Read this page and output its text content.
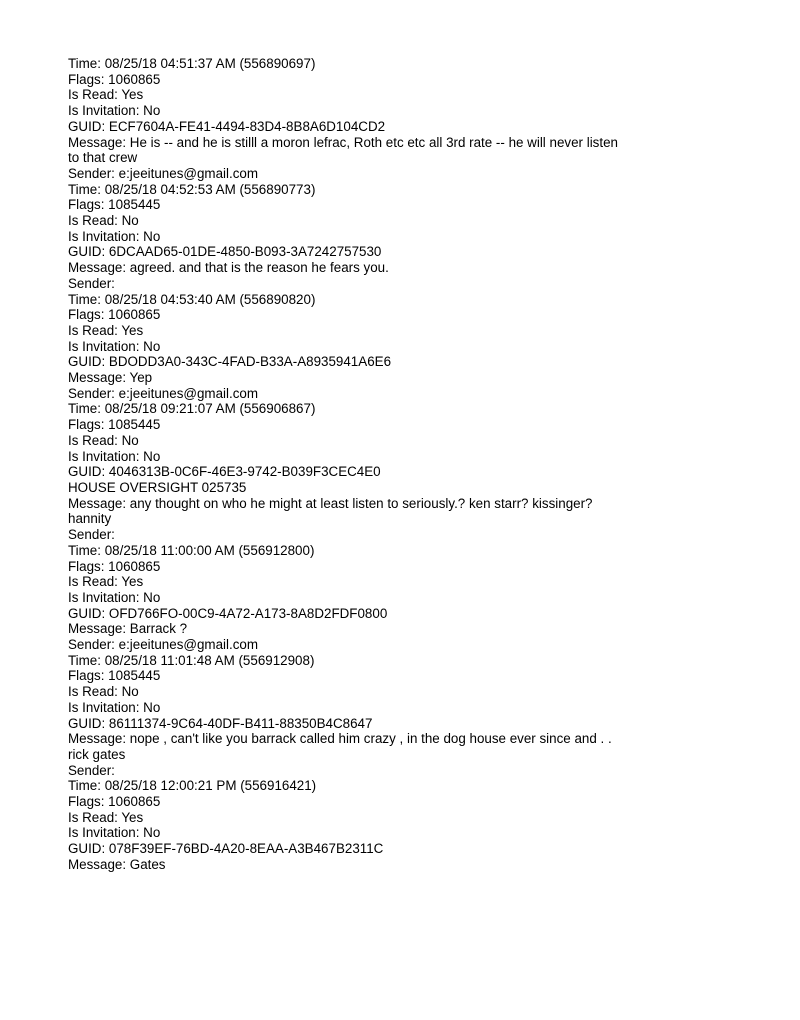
Time: 08/25/18 04:51:37 AM (556890697)

Flags: 1060865

Is Read: Yes

Is Invitation: No

GUID: ECF7604A-FE41-4494-83D4-8B8A6D104CD2

Message: He is -- and he is stilll a moron lefrac, Roth etc etc all 3rd rate -- he will never listen to that crew

Sender: e:jeeitunes@gmail.com

Time: 08/25/18 04:52:53 AM (556890773)

Flags: 1085445

Is Read: No

Is Invitation: No

GUID: 6DCAAD65-01DE-4850-B093-3A7242757530

Message: agreed. and that is the reason he fears you.

Sender:

Time: 08/25/18 04:53:40 AM (556890820)

Flags: 1060865

Is Read: Yes

Is Invitation: No

GUID: BDODD3A0-343C-4FAD-B33A-A8935941A6E6

Message: Yep

Sender: e:jeeitunes@gmail.com

Time: 08/25/18 09:21:07 AM (556906867)

Flags: 1085445

Is Read: No

Is Invitation: No

GUID: 4046313B-0C6F-46E3-9742-B039F3CEC4E0

HOUSE OVERSIGHT 025735

Message: any thought on who he might at least listen to seriously.? ken starr? kissinger? hannity

Sender:

Time: 08/25/18 11:00:00 AM (556912800)

Flags: 1060865

Is Read: Yes

Is Invitation: No

GUID: OFD766FO-00C9-4A72-A173-8A8D2FDF0800

Message: Barrack ?

Sender: e:jeeitunes@gmail.com

Time: 08/25/18 11:01:48 AM (556912908)

Flags: 1085445

Is Read: No

Is Invitation: No

GUID: 86111374-9C64-40DF-B411-88350B4C8647

Message: nope , can't like you barrack called him crazy , in the dog house ever since and . . rick gates

Sender:

Time: 08/25/18 12:00:21 PM (556916421)

Flags: 1060865

Is Read: Yes

Is Invitation: No

GUID: 078F39EF-76BD-4A20-8EAA-A3B467B2311C

Message: Gates
